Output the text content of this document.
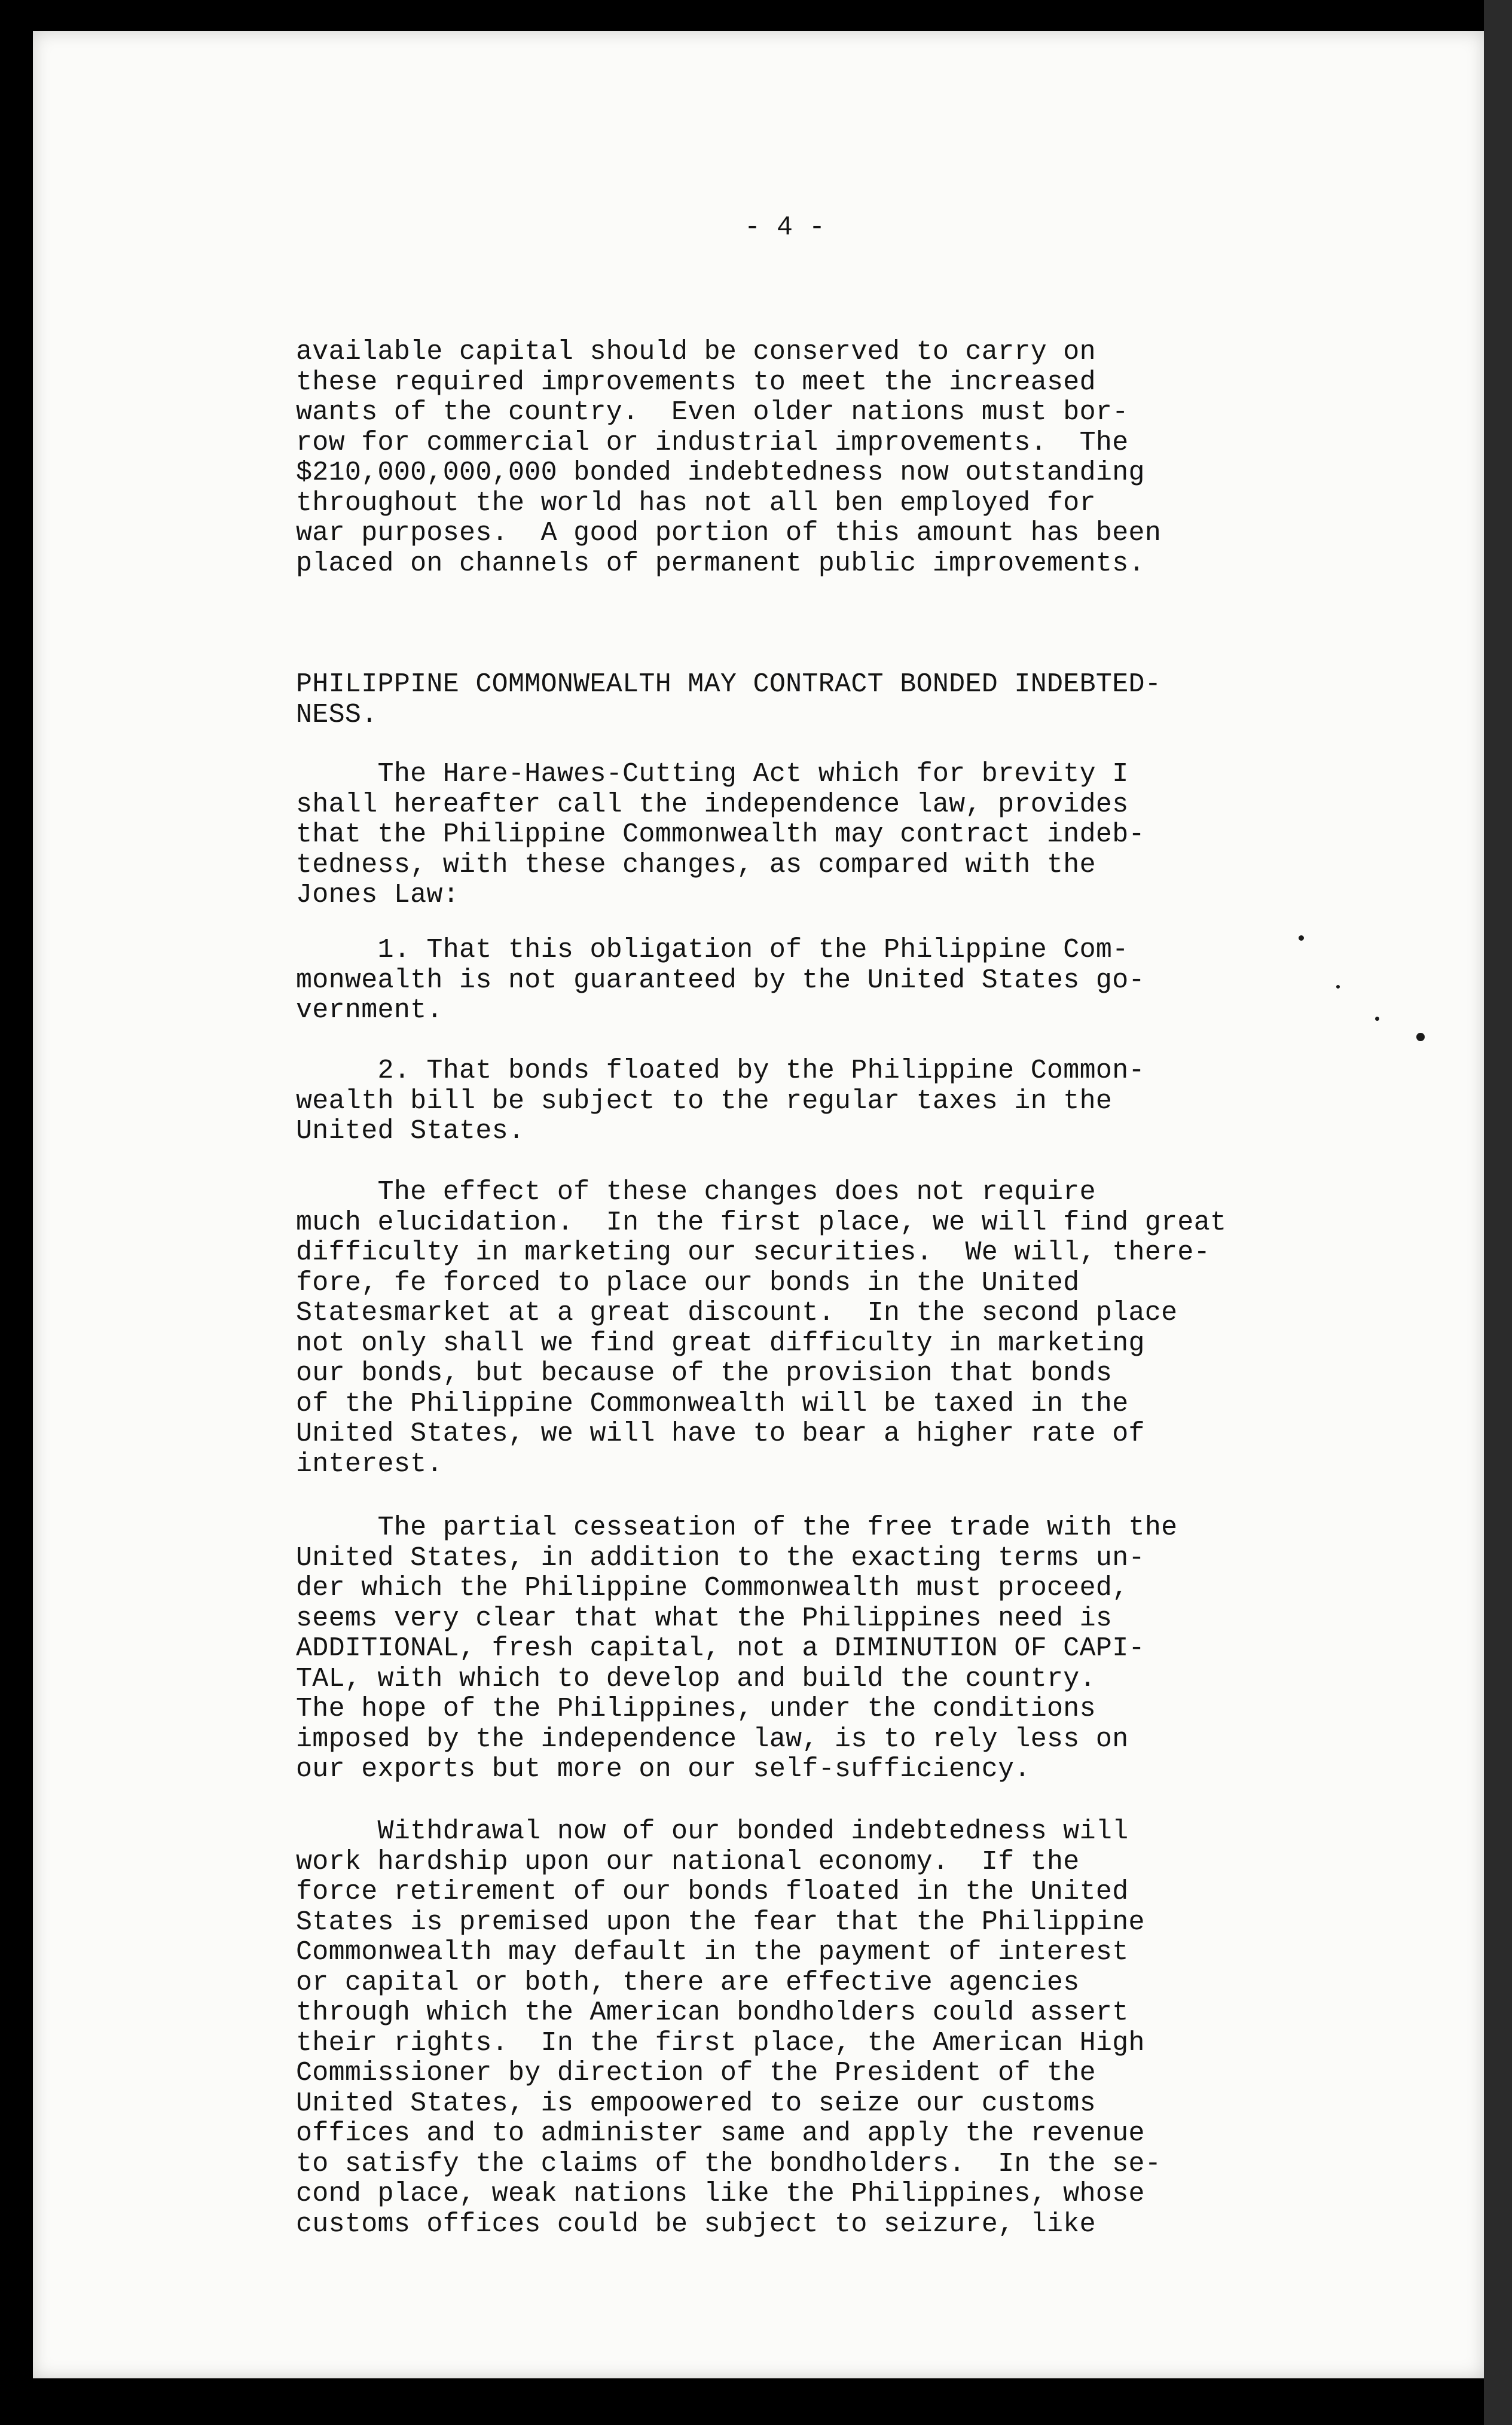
- 4 -

available capital should be conserved to carry on
these required improvements to meet the increased
wants of the country.  Even older nations must bor-
row for commercial or industrial improvements.  The
$210,000,000,000 bonded indebtedness now outstanding
throughout the world has not all ben employed for
war purposes.  A good portion of this amount has been
placed on channels of permanent public improvements.

PHILIPPINE COMMONWEALTH MAY CONTRACT BONDED INDEBTED-
NESS.

The Hare-Hawes-Cutting Act which for brevity I
shall hereafter call the independence law, provides
that the Philippine Commonwealth may contract indeb-
tedness, with these changes, as compared with the
Jones Law:

1. That this obligation of the Philippine Com-
monwealth is not guaranteed by the United States go-
vernment.

2. That bonds floated by the Philippine Common-
wealth bill be subject to the regular taxes in the
United States.

The effect of these changes does not require
much elucidation.  In the first place, we will find great
difficulty in marketing our securities.  We will, there-
fore, fe forced to place our bonds in the United
Statesmarket at a great discount.  In the second place
not only shall we find great difficulty in marketing
our bonds, but because of the provision that bonds
of the Philippine Commonwealth will be taxed in the
United States, we will have to bear a higher rate of
interest.

The partial cesseation of the free trade with the
United States, in addition to the exacting terms un-
der which the Philippine Commonwealth must proceed,
seems very clear that what the Philippines need is
ADDITIONAL, fresh capital, not a DIMINUTION OF CAPI-
TAL, with which to develop and build the country.
The hope of the Philippines, under the conditions
imposed by the independence law, is to rely less on
our exports but more on our self-sufficiency.

Withdrawal now of our bonded indebtedness will
work hardship upon our national economy.  If the
force retirement of our bonds floated in the United
States is premised upon the fear that the Philippine
Commonwealth may default in the payment of interest
or capital or both, there are effective agencies
through which the American bondholders could assert
their rights.  In the first place, the American High
Commissioner by direction of the President of the
United States, is empoowered to seize our customs
offices and to administer same and apply the revenue
to satisfy the claims of the bondholders.  In the se-
cond place, weak nations like the Philippines, whose
customs offices could be subject to seizure, like
